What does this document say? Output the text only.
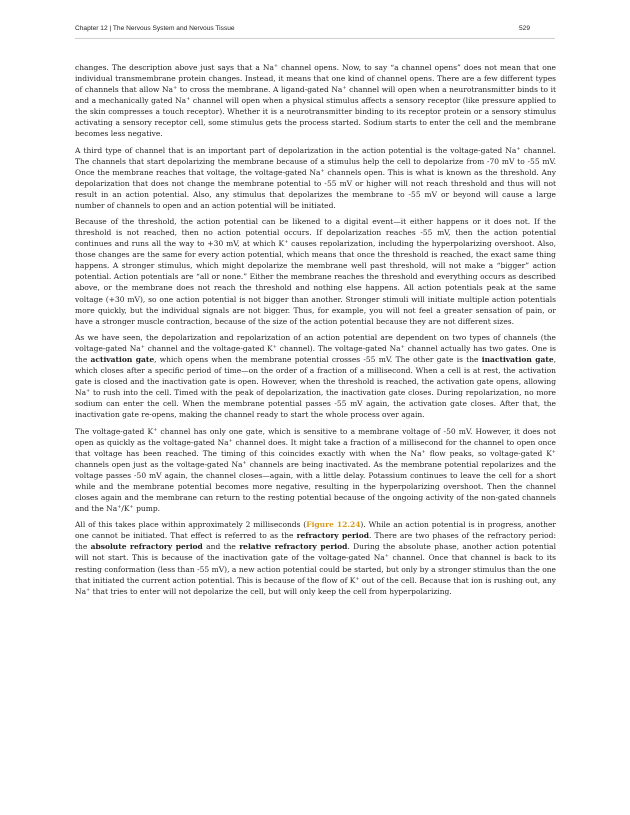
Chapter 12 | The Nervous System and Nervous Tissue	529

changes. The description above just says that a Na+ channel opens. Now, to say “a channel opens” does not mean that one individual transmembrane protein changes. Instead, it means that one kind of channel opens. There are a few different types of channels that allow Na+ to cross the membrane. A ligand-gated Na+ channel will open when a neurotransmitter binds to it and a mechanically gated Na+ channel will open when a physical stimulus affects a sensory receptor (like pressure applied to the skin compresses a touch receptor). Whether it is a neurotransmitter binding to its receptor protein or a sensory stimulus activating a sensory receptor cell, some stimulus gets the process started. Sodium starts to enter the cell and the membrane becomes less negative.

A third type of channel that is an important part of depolarization in the action potential is the voltage-gated Na+ channel. The channels that start depolarizing the membrane because of a stimulus help the cell to depolarize from -70 mV to -55 mV. Once the membrane reaches that voltage, the voltage-gated Na+ channels open. This is what is known as the threshold. Any depolarization that does not change the membrane potential to -55 mV or higher will not reach threshold and thus will not result in an action potential. Also, any stimulus that depolarizes the membrane to -55 mV or beyond will cause a large number of channels to open and an action potential will be initiated.

Because of the threshold, the action potential can be likened to a digital event—it either happens or it does not. If the threshold is not reached, then no action potential occurs. If depolarization reaches -55 mV, then the action potential continues and runs all the way to +30 mV, at which K+ causes repolarization, including the hyperpolarizing overshoot. Also, those changes are the same for every action potential, which means that once the threshold is reached, the exact same thing happens. A stronger stimulus, which might depolarize the membrane well past threshold, will not make a “bigger” action potential. Action potentials are “all or none.” Either the membrane reaches the threshold and everything occurs as described above, or the membrane does not reach the threshold and nothing else happens. All action potentials peak at the same voltage (+30 mV), so one action potential is not bigger than another. Stronger stimuli will initiate multiple action potentials more quickly, but the individual signals are not bigger. Thus, for example, you will not feel a greater sensation of pain, or have a stronger muscle contraction, because of the size of the action potential because they are not different sizes.

As we have seen, the depolarization and repolarization of an action potential are dependent on two types of channels (the voltage-gated Na+ channel and the voltage-gated K+ channel). The voltage-gated Na+ channel actually has two gates. One is the activation gate, which opens when the membrane potential crosses -55 mV. The other gate is the inactivation gate, which closes after a specific period of time—on the order of a fraction of a millisecond. When a cell is at rest, the activation gate is closed and the inactivation gate is open. However, when the threshold is reached, the activation gate opens, allowing Na+ to rush into the cell. Timed with the peak of depolarization, the inactivation gate closes. During repolarization, no more sodium can enter the cell. When the membrane potential passes -55 mV again, the activation gate closes. After that, the inactivation gate re-opens, making the channel ready to start the whole process over again.

The voltage-gated K+ channel has only one gate, which is sensitive to a membrane voltage of -50 mV. However, it does not open as quickly as the voltage-gated Na+ channel does. It might take a fraction of a millisecond for the channel to open once that voltage has been reached. The timing of this coincides exactly with when the Na+ flow peaks, so voltage-gated K+ channels open just as the voltage-gated Na+ channels are being inactivated. As the membrane potential repolarizes and the voltage passes -50 mV again, the channel closes—again, with a little delay. Potassium continues to leave the cell for a short while and the membrane potential becomes more negative, resulting in the hyperpolarizing overshoot. Then the channel closes again and the membrane can return to the resting potential because of the ongoing activity of the non-gated channels and the Na+/K+ pump.

All of this takes place within approximately 2 milliseconds (Figure 12.24). While an action potential is in progress, another one cannot be initiated. That effect is referred to as the refractory period. There are two phases of the refractory period: the absolute refractory period and the relative refractory period. During the absolute phase, another action potential will not start. This is because of the inactivation gate of the voltage-gated Na+ channel. Once that channel is back to its resting conformation (less than -55 mV), a new action potential could be started, but only by a stronger stimulus than the one that initiated the current action potential. This is because of the flow of K+ out of the cell. Because that ion is rushing out, any Na+ that tries to enter will not depolarize the cell, but will only keep the cell from hyperpolarizing.
